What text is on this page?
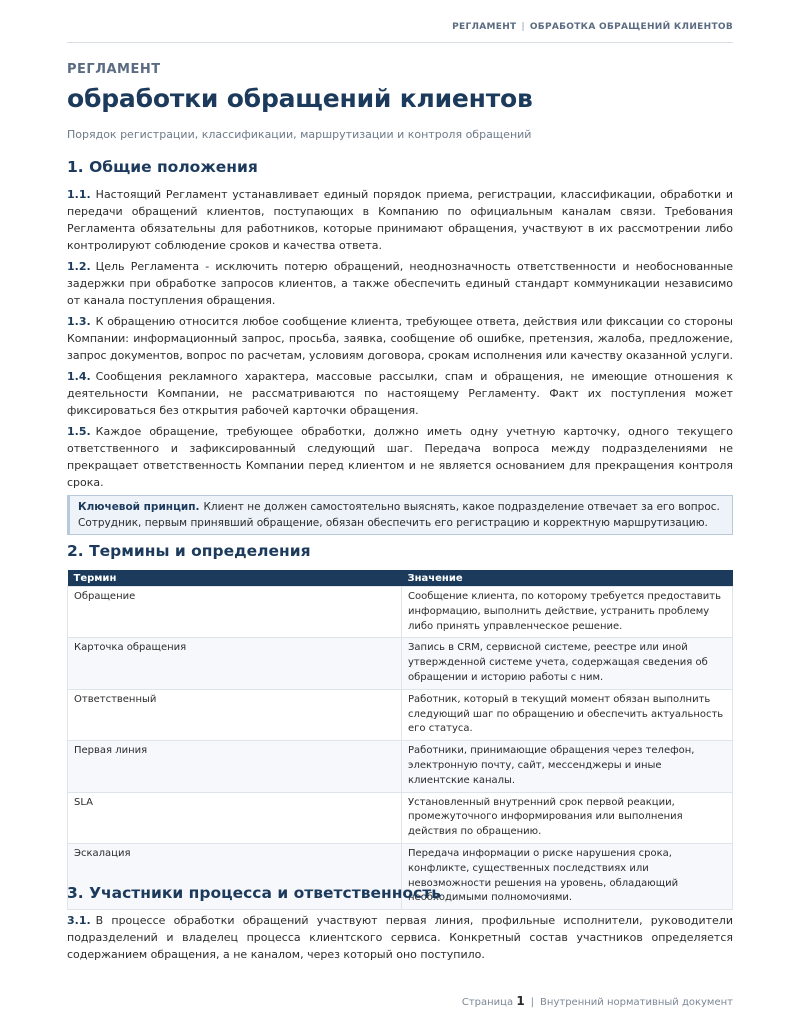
РЕГЛАМЕНТ | ОБРАБОТКА ОБРАЩЕНИЙ КЛИЕНТОВ
РЕГЛАМЕНТ
обработки обращений клиентов
Порядок регистрации, классификации, маршрутизации и контроля обращений
1. Общие положения

1.1. Настоящий Регламент устанавливает единый порядок приема, регистрации, классификации, обработки и передачи обращений клиентов, поступающих в Компанию по официальным каналам связи. Требования Регламента обязательны для работников, которые принимают обращения, участвуют в их рассмотрении либо контролируют соблюдение сроков и качества ответа.

1.2. Цель Регламента - исключить потерю обращений, неоднозначность ответственности и необоснованные задержки при обработке запросов клиентов, а также обеспечить единый стандарт коммуникации независимо от канала поступления обращения.

1.3. К обращению относится любое сообщение клиента, требующее ответа, действия или фиксации со стороны Компании: информационный запрос, просьба, заявка, сообщение об ошибке, претензия, жалоба, предложение, запрос документов, вопрос по расчетам, условиям договора, срокам исполнения или качеству оказанной услуги.

1.4. Сообщения рекламного характера, массовые рассылки, спам и обращения, не имеющие отношения к деятельности Компании, не рассматриваются по настоящему Регламенту. Факт их поступления может фиксироваться без открытия рабочей карточки обращения.

1.5. Каждое обращение, требующее обработки, должно иметь одну учетную карточку, одного текущего ответственного и зафиксированный следующий шаг. Передача вопроса между подразделениями не прекращает ответственность Компании перед клиентом и не является основанием для прекращения контроля срока.

Ключевой принцип. Клиент не должен самостоятельно выяснять, какое подразделение отвечает за его вопрос. Сотрудник, первым принявший обращение, обязан обеспечить его регистрацию и корректную маршрутизацию.
2. Термины и определения
Термин	Значение
Обращение	Сообщение клиента, по которому требуется предоставить информацию, выполнить действие, устранить проблему либо принять управленческое решение.
Карточка обращения	Запись в CRM, сервисной системе, реестре или иной утвержденной системе учета, содержащая сведения об обращении и историю работы с ним.
Ответственный	Работник, который в текущий момент обязан выполнить следующий шаг по обращению и обеспечить актуальность его статуса.
Первая линия	Работники, принимающие обращения через телефон, электронную почту, сайт, мессенджеры и иные клиентские каналы.
SLA	Установленный внутренний срок первой реакции, промежуточного информирования или выполнения действия по обращению.
Эскалация	Передача информации о риске нарушения срока, конфликте, существенных последствиях или невозможности решения на уровень, обладающий необходимыми полномочиями.
3. Участники процесса и ответственность

3.1. В процессе обработки обращений участвуют первая линия, профильные исполнители, руководители подразделений и владелец процесса клиентского сервиса. Конкретный состав участников определяется содержанием обращения, а не каналом, через который оно поступило.

Страница 1 | Внутренний нормативный документ
